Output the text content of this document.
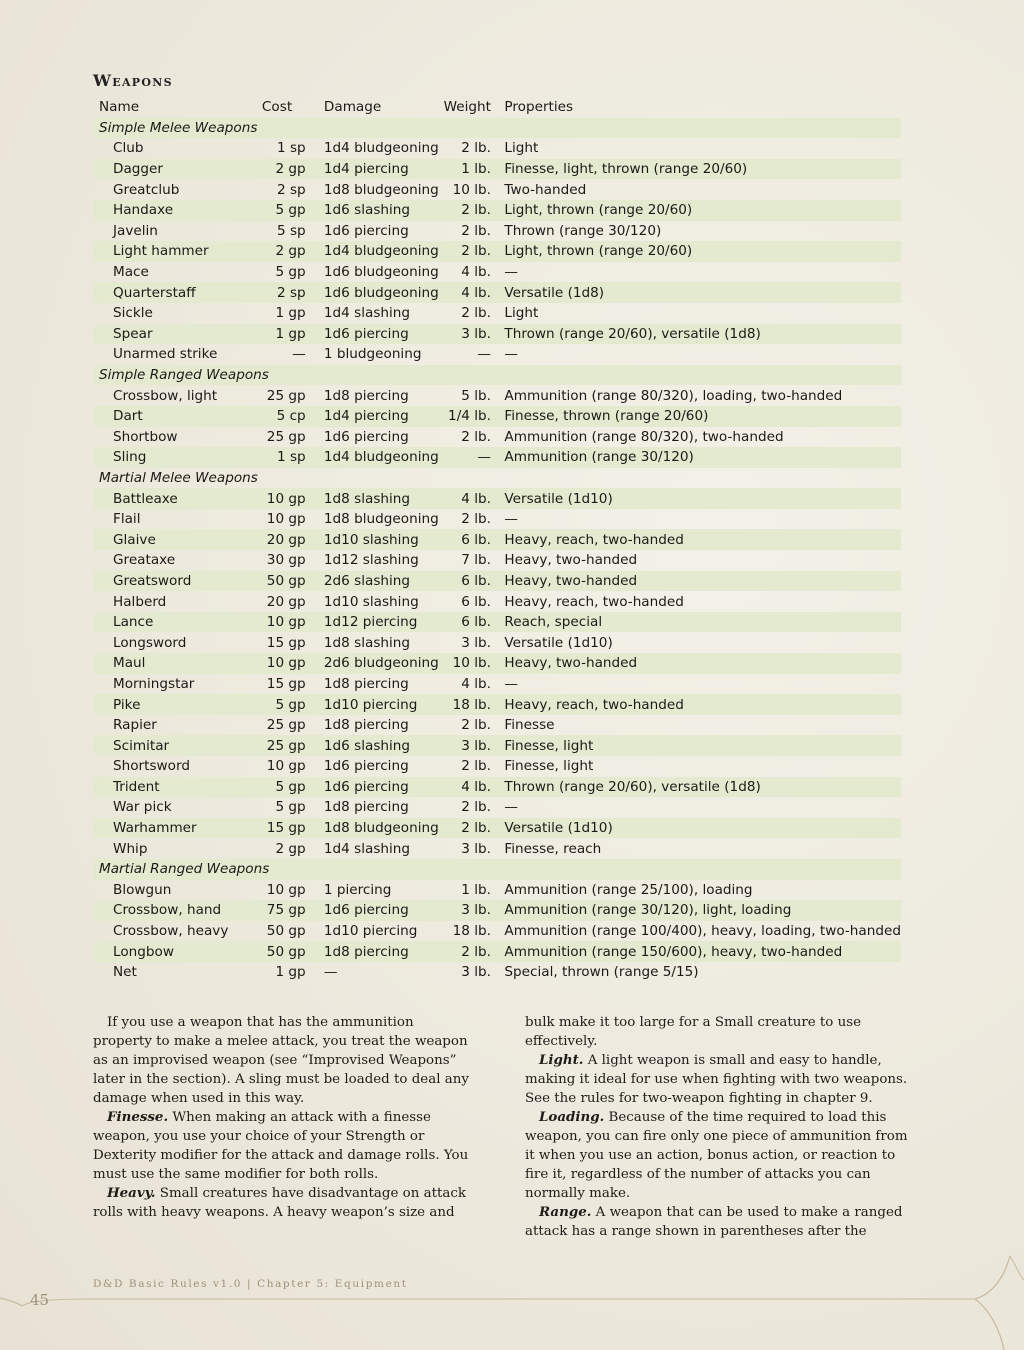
Weapons
Name	Cost		Damage	Weight		Properties
Simple Melee Weapons						
Club	1 sp		1d4 bludgeoning	2 lb.		Light
Dagger	2 gp		1d4 piercing	1 lb.		Finesse, light, thrown (range 20/60)
Greatclub	2 sp		1d8 bludgeoning	10 lb.		Two-handed
Handaxe	5 gp		1d6 slashing	2 lb.		Light, thrown (range 20/60)
Javelin	5 sp		1d6 piercing	2 lb.		Thrown (range 30/120)
Light hammer	2 gp		1d4 bludgeoning	2 lb.		Light, thrown (range 20/60)
Mace	5 gp		1d6 bludgeoning	4 lb.		—
Quarterstaff	2 sp		1d6 bludgeoning	4 lb.		Versatile (1d8)
Sickle	1 gp		1d4 slashing	2 lb.		Light
Spear	1 gp		1d6 piercing	3 lb.		Thrown (range 20/60), versatile (1d8)
Unarmed strike	—		1 bludgeoning	—		—
Simple Ranged Weapons						
Crossbow, light	25 gp		1d8 piercing	5 lb.		Ammunition (range 80/320), loading, two-handed
Dart	5 cp		1d4 piercing	1/4 lb.		Finesse, thrown (range 20/60)
Shortbow	25 gp		1d6 piercing	2 lb.		Ammunition (range 80/320), two-handed
Sling	1 sp		1d4 bludgeoning	—		Ammunition (range 30/120)
Martial Melee Weapons						
Battleaxe	10 gp		1d8 slashing	4 lb.		Versatile (1d10)
Flail	10 gp		1d8 bludgeoning	2 lb.		—
Glaive	20 gp		1d10 slashing	6 lb.		Heavy, reach, two-handed
Greataxe	30 gp		1d12 slashing	7 lb.		Heavy, two-handed
Greatsword	50 gp		2d6 slashing	6 lb.		Heavy, two-handed
Halberd	20 gp		1d10 slashing	6 lb.		Heavy, reach, two-handed
Lance	10 gp		1d12 piercing	6 lb.		Reach, special
Longsword	15 gp		1d8 slashing	3 lb.		Versatile (1d10)
Maul	10 gp		2d6 bludgeoning	10 lb.		Heavy, two-handed
Morningstar	15 gp		1d8 piercing	4 lb.		—
Pike	5 gp		1d10 piercing	18 lb.		Heavy, reach, two-handed
Rapier	25 gp		1d8 piercing	2 lb.		Finesse
Scimitar	25 gp		1d6 slashing	3 lb.		Finesse, light
Shortsword	10 gp		1d6 piercing	2 lb.		Finesse, light
Trident	5 gp		1d6 piercing	4 lb.		Thrown (range 20/60), versatile (1d8)
War pick	5 gp		1d8 piercing	2 lb.		—
Warhammer	15 gp		1d8 bludgeoning	2 lb.		Versatile (1d10)
Whip	2 gp		1d4 slashing	3 lb.		Finesse, reach
Martial Ranged Weapons						
Blowgun	10 gp		1 piercing	1 lb.		Ammunition (range 25/100), loading
Crossbow, hand	75 gp		1d6 piercing	3 lb.		Ammunition (range 30/120), light, loading
Crossbow, heavy	50 gp		1d10 piercing	18 lb.		Ammunition (range 100/400), heavy, loading, two-handed
Longbow	50 gp		1d8 piercing	2 lb.		Ammunition (range 150/600), heavy, two-handed
Net	1 gp		—	3 lb.		Special, thrown (range 5/15)

If you use a weapon that has the ammunition property to make a melee attack, you treat the weapon as an improvised weapon (see “Improvised Weapons” later in the section). A sling must be loaded to deal any damage when used in this way.

Finesse. When making an attack with a finesse weapon, you use your choice of your Strength or Dexterity modifier for the attack and damage rolls. You must use the same modifier for both rolls.

Heavy. Small creatures have disadvantage on attack rolls with heavy weapons. A heavy weapon’s size and

bulk make it too large for a Small creature to use effectively.

Light. A light weapon is small and easy to handle, making it ideal for use when fighting with two weapons. See the rules for two-weapon fighting in chapter 9.

Loading. Because of the time required to load this weapon, you can fire only one piece of ammunition from it when you use an action, bonus action, or reaction to fire it, regardless of the number of attacks you can normally make.

Range. A weapon that can be used to make a ranged attack has a range shown in parentheses after the

D&D Basic Rules v1.0 | Chapter 5: Equipment
45
